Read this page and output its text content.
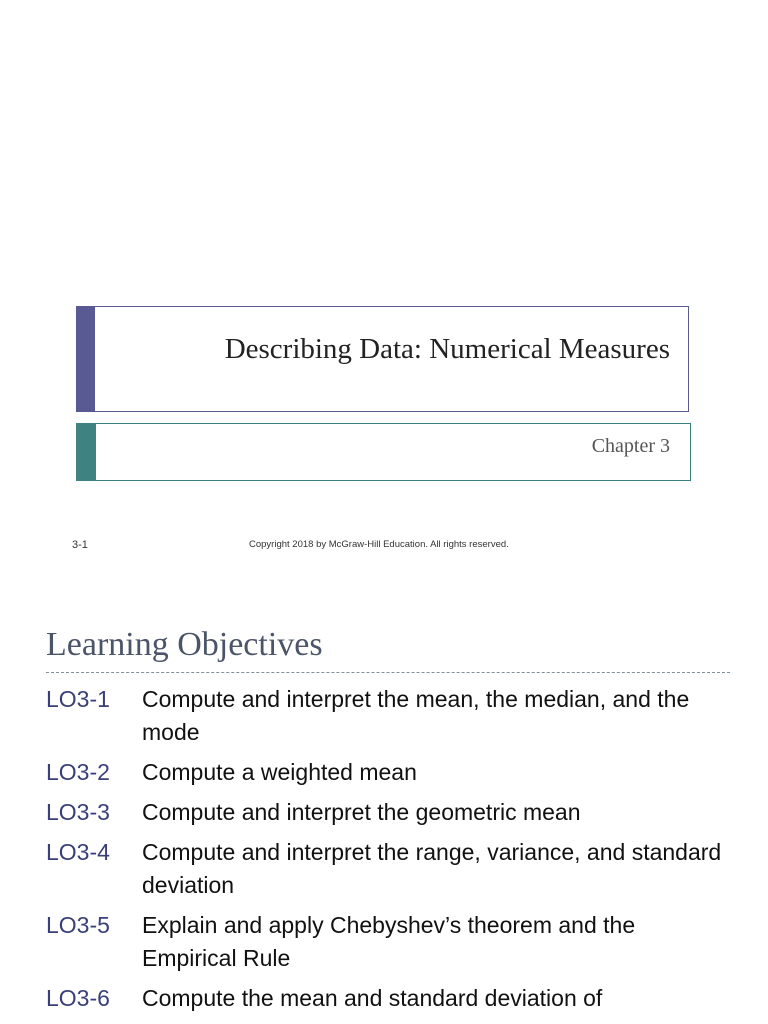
Describing Data: Numerical Measures
Chapter 3
3-1	Copyright 2018 by McGraw-Hill Education. All rights reserved.
Learning Objectives
LO3-1	Compute and interpret the mean, the median, and the mode
LO3-2	Compute a weighted mean
LO3-3	Compute and interpret the geometric mean
LO3-4	Compute and interpret the range, variance, and standard deviation
LO3-5	Explain and apply Chebyshev’s theorem and the Empirical Rule
LO3-6	Compute the mean and standard deviation of
